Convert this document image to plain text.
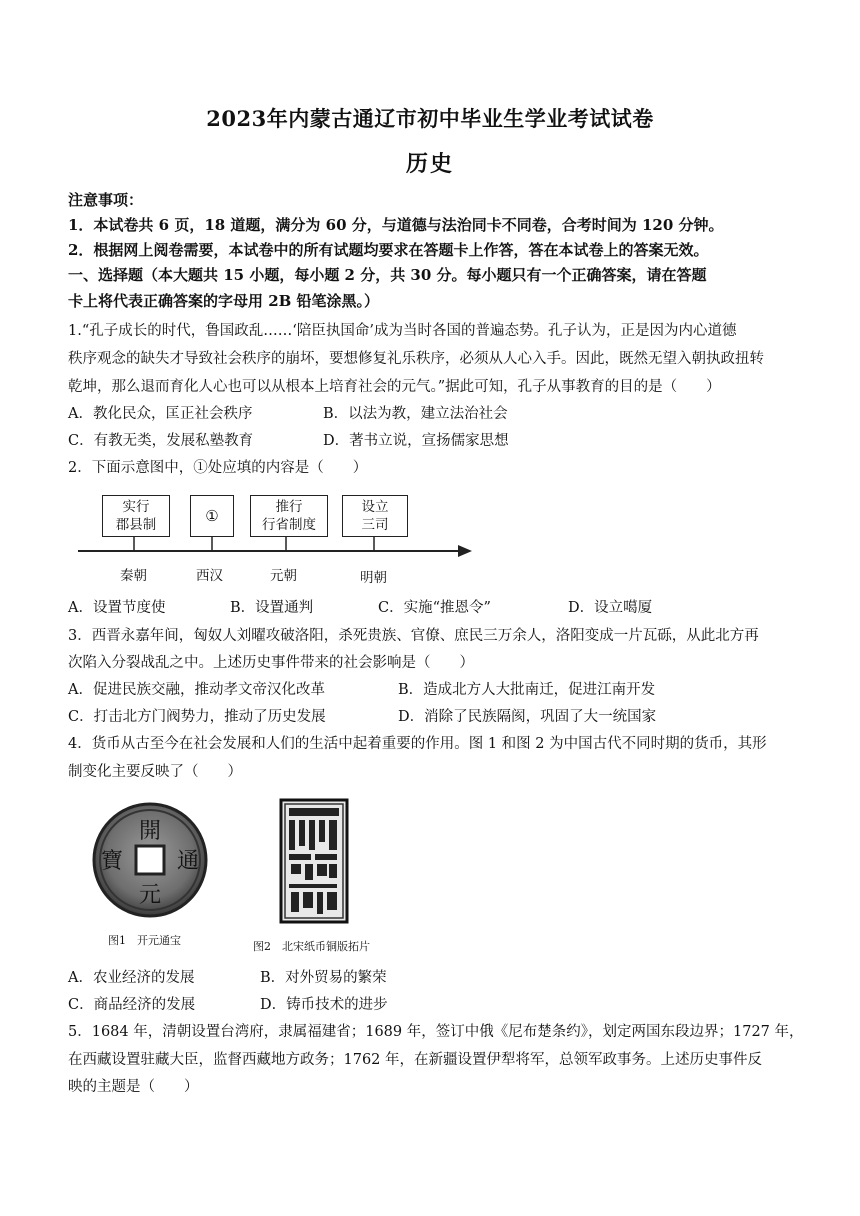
2023年内蒙古通辽市初中毕业生学业考试试卷
历史
注意事项：
1．本试卷共 6 页，18 道题，满分为 60 分，与道德与法治同卡不同卷，合考时间为 120 分钟。
2．根据网上阅卷需要，本试卷中的所有试题均要求在答题卡上作答，答在本试卷上的答案无效。
一、选择题（本大题共 15 小题，每小题 2 分，共 30 分。每小题只有一个正确答案，请在答题
卡上将代表正确答案的字母用 2B 铅笔涂黑。）
1.“孔子成长的时代，鲁国政乱……‘陪臣执国命’成为当时各国的普遍态势。孔子认为，正是因为内心道德
秩序观念的缺失才导致社会秩序的崩坏，要想修复礼乐秩序，必须从人心入手。因此，既然无望入朝执政扭转
乾坤，那么退而育化人心也可以从根本上培育社会的元气。”据此可知，孔子从事教育的目的是（　　）
A．教化民众，匡正社会秩序	B．以法为教，建立法治社会
C．有教无类，发展私塾教育	D．著书立说，宣扬儒家思想
2．下面示意图中，①处应填的内容是（　　）
实行
郡县制	①	推行
行省制度
设立
三司
秦朝	西汉	元朝	明朝
A．设置节度使	B．设置通判	C．实施“推恩令”	D．设立噶厦
3．西晋永嘉年间，匈奴人刘曜攻破洛阳，杀死贵族、官僚、庶民三万余人，洛阳变成一片瓦砾，从此北方再
次陷入分裂战乱之中。上述历史事件带来的社会影响是（　　）
A．促进民族交融，推动孝文帝汉化改革	B．造成北方人大批南迁，促进江南开发
C．打击北方门阀势力，推动了历史发展	D．消除了民族隔阂，巩固了大一统国家
4．货币从古至今在社会发展和人们的生活中起着重要的作用。图 1 和图 2 为中国古代不同时期的货币，其形
制变化主要反映了（　　）
開
通
元
寶
图1　开元通宝	图2　北宋纸币铜版拓片
A．农业经济的发展	B．对外贸易的繁荣
C．商品经济的发展	D．铸币技术的进步
5．1684 年，清朝设置台湾府，隶属福建省；1689 年，签订中俄《尼布楚条约》，划定两国东段边界；1727 年，
在西藏设置驻藏大臣，监督西藏地方政务；1762 年，在新疆设置伊犁将军，总领军政事务。上述历史事件反
映的主题是（　　）
